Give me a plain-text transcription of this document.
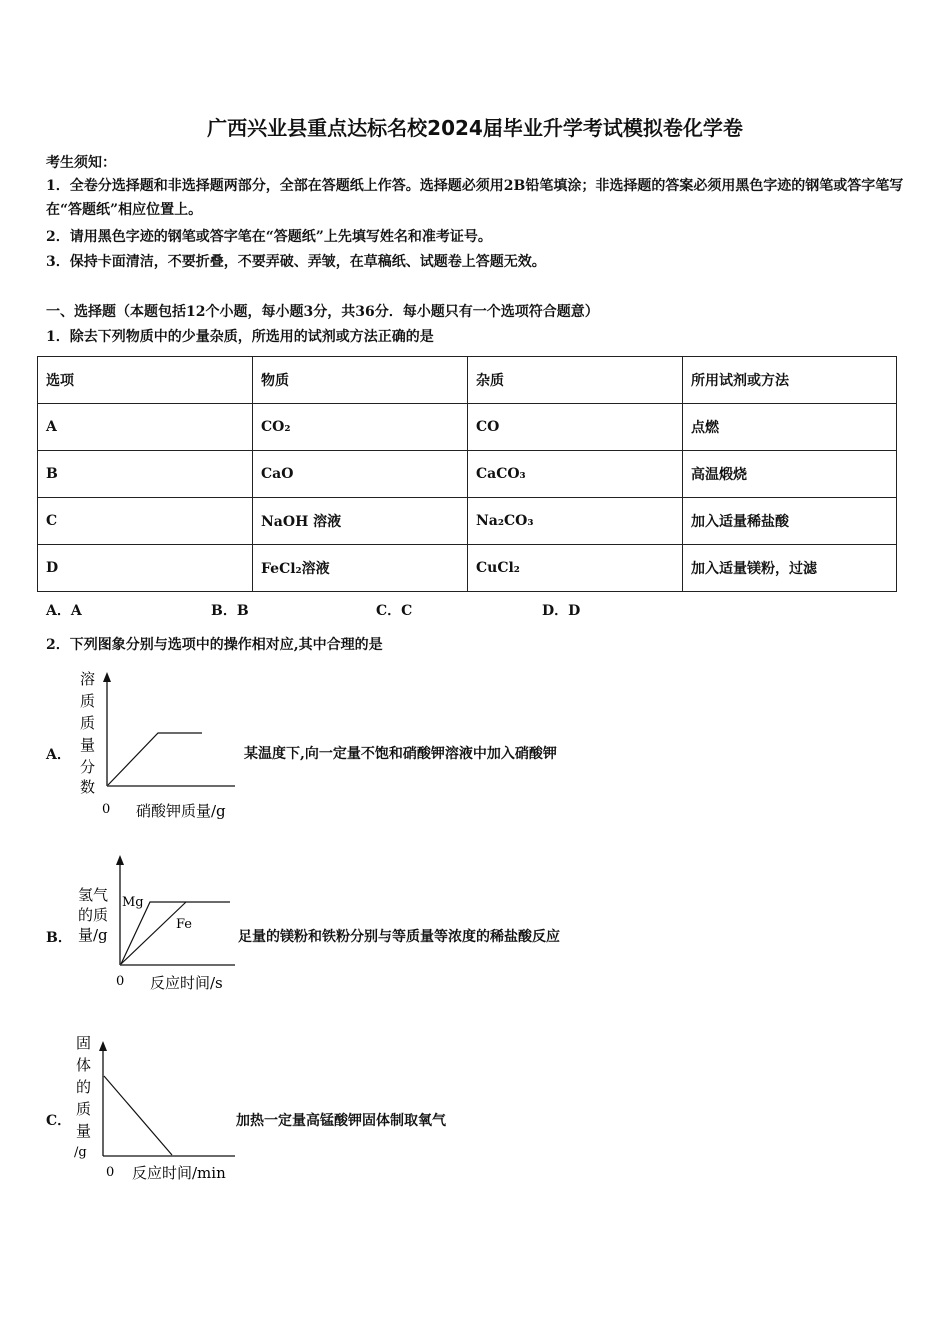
广西兴业县重点达标名校2024届毕业升学考试模拟卷化学卷
考生须知：
1．全卷分选择题和非选择题两部分，全部在答题纸上作答。选择题必须用2B铅笔填涂；非选择题的答案必须用黑色字迹的钢笔或答字笔写在“答题纸”相应位置上。
2．请用黑色字迹的钢笔或答字笔在“答题纸”上先填写姓名和准考证号。
3．保持卡面清洁，不要折叠，不要弄破、弄皱，在草稿纸、试题卷上答题无效。
一、选择题（本题包括12个小题，每小题3分，共36分．每小题只有一个选项符合题意）
1．除去下列物质中的少量杂质，所选用的试剂或方法正确的是
选项	物质	杂质	所用试剂或方法
A	CO₂	CO	点燃
B	CaO	CaCO₃	高温煅烧
C	NaOH 溶液	Na₂CO₃	加入适量稀盐酸
D	FeCl₂溶液	CuCl₂	加入适量镁粉，过滤
A．A	B．B	C．C	D．D
2．下列图象分别与选项中的操作相对应,其中合理的是
A．
溶
质
质
量
分
数
0 硝酸钾质量/g
某温度下,向一定量不饱和硝酸钾溶液中加入硝酸钾
B．
氢气
的质
量/g
Mg
Fe
0 反应时间/s
足量的镁粉和铁粉分别与等质量等浓度的稀盐酸反应
C．
固
体
的
质
量
/g
0 反应时间/min
加热一定量高锰酸钾固体制取氧气
